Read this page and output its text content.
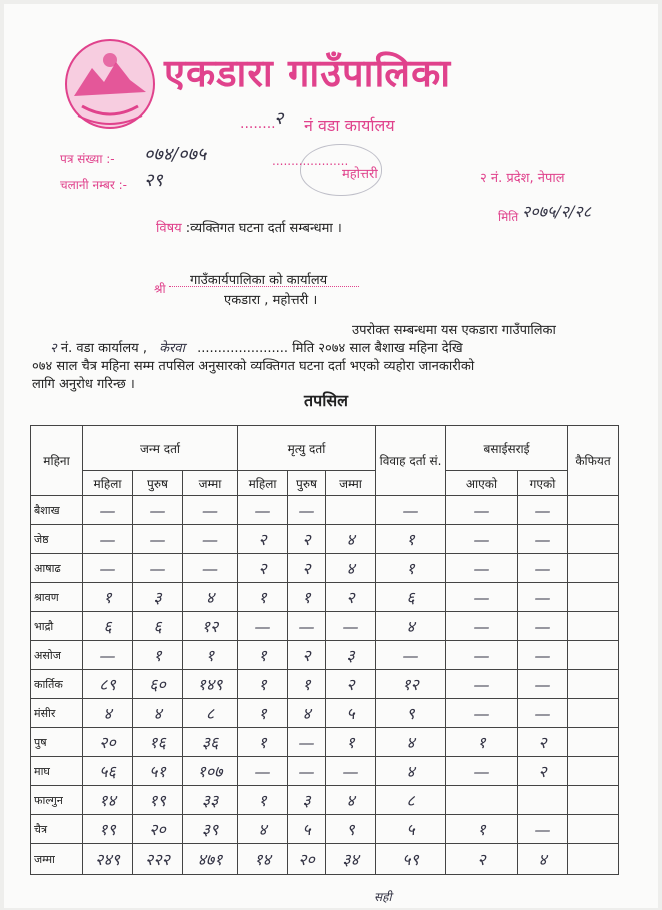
एकडारा गाउँपालिका
........
२ नं वडा कार्यालय
....................
महोत्तरी	२ नं. प्रदेश, नेपाल
पत्र संख्या :- ०७४/०७५
चलानी नम्बर :- २९
मिति २०७५/२/२८
विषय :व्यक्तिगत घटना दर्ता सम्बन्धमा ।
गाउँकार्यपालिका को कार्यालय
श्री
एकडारा , महोत्तरी ।
उपरोक्त सम्बन्धमा यस एकडारा गाउँपालिका
२ नं. वडा कार्यालय , केरवा ...................... मिति २०७४ साल बैशाख महिना देखि
०७४ साल चैत्र महिना सम्म तपसिल अनुसारको व्यक्तिगत घटना दर्ता भएको व्यहोरा जानकारीको
लागि अनुरोध गरिन्छ ।
तपसिल
महिना	जन्म दर्ता			मृत्यु दर्ता			विवाह दर्ता सं.	बसाईसराई		कैफियत
	महिला	पुरुष	जम्मा	महिला	पुरुष	जम्मा		आएको	गएको	
बैशाख	—	—	—	—	—		—	—	—	
जेष्ठ	—	—	—	२	२	४	१	—	—	
आषाढ	—	—	—	२	२	४	१	—	—	
श्रावण	१	३	४	१	१	२	६	—	—	
भाद्रौ	६	६	१२	—	—	—	४	—	—	
असोज	—	१	१	१	२	३	—	—	—	
कार्तिक	८९	६०	१४९	१	१	२	१२	—	—	
मंसीर	४	४	८	१	४	५	९	—	—	
पुष	२०	१६	३६	१	—	१	४	१	२	
माघ	५६	५१	१०७	—	—	—	४	—	२	
फाल्गुन	१४	१९	३३	१	३	४	८			
चैत्र	१९	२०	३९	४	५	९	५	१	—	
जम्मा	२४९	२२२	४७१	१४	२०	३४	५९	२	४	
सही
